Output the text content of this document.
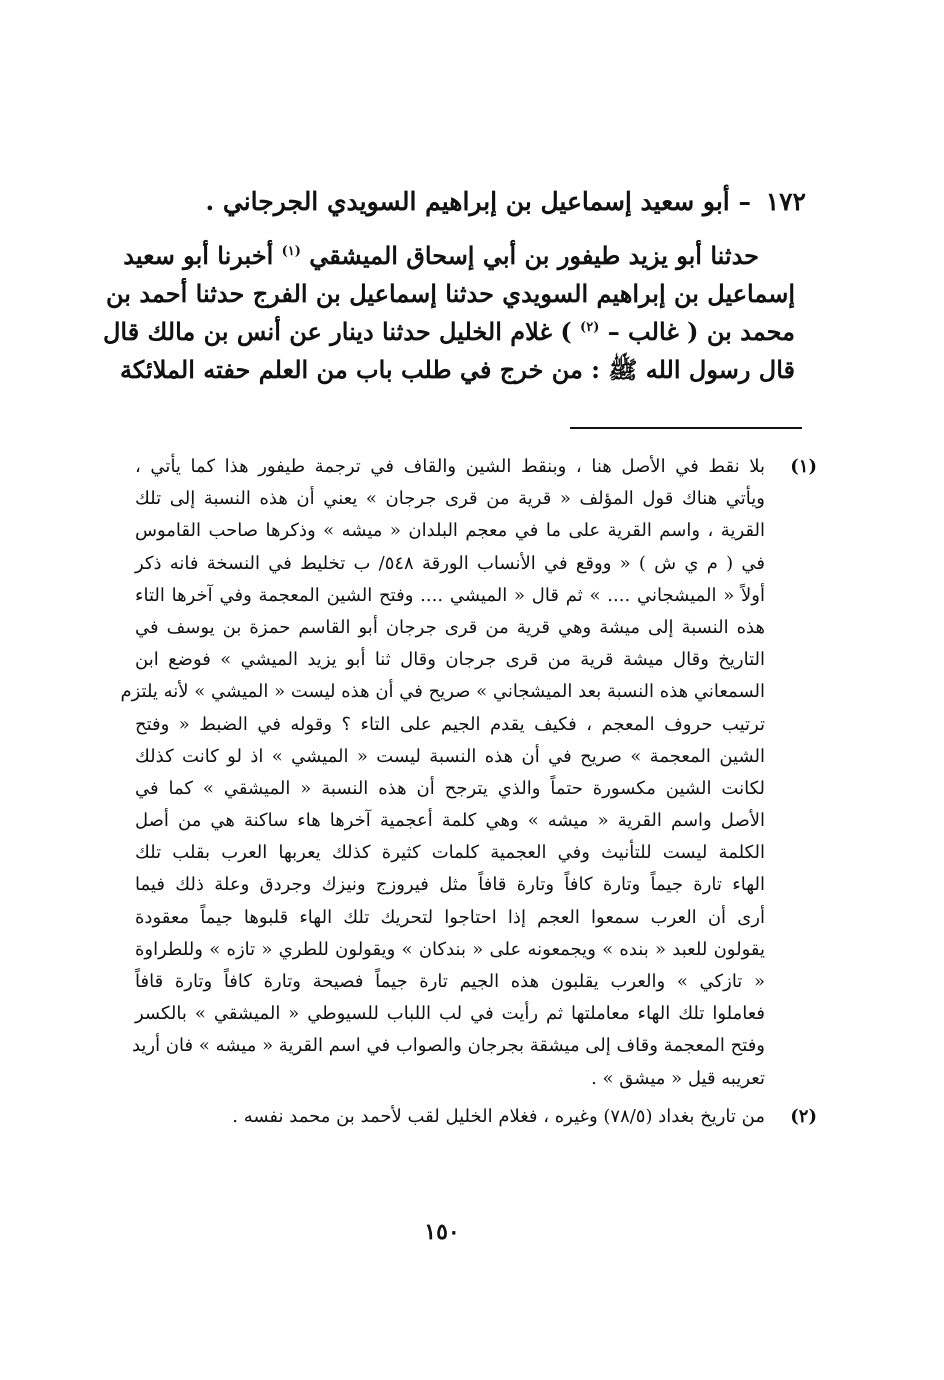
١٧٢ – أبو سعيد إسماعيل بن إبراهيم السويدي الجرجاني .
حدثنا أبو يزيد طيفور بن أبي إسحاق الميشقي $^{(١)}$ أخبرنا أبو سعيد
إسماعيل بن إبراهيم السويدي حدثنا إسماعيل بن الفرج حدثنا أحمد بن
محمد بن ( غالب – $^{(٢)}$ ) غلام الخليل حدثنا دينار عن أنس بن مالك قال
قال رسول الله ﷺ : من خرج في طلب باب من العلم حفته الملائكة
(١)
بلا نقط في الأصل هنا ، وبنقط الشين والقاف في ترجمة طيفور هذا كما يأتي ،
ويأتي هناك قول المؤلف « قرية من قرى جرجان » يعني أن هذه النسبة إلى تلك
القرية ، واسم القرية على ما في معجم البلدان « ميشه » وذكرها صاحب القاموس
في ( م ي ش ) « ووقع في الأنساب الورقة ٥٤٨/ ب تخليط في النسخة فانه ذكر
أولاً « الميشجاني .... » ثم قال « الميشي .... وفتح الشين المعجمة وفي آخرها التاء
هذه النسبة إلى ميشة وهي قرية من قرى جرجان أبو القاسم حمزة بن يوسف في
التاريخ وقال ميشة قرية من قرى جرجان وقال ثنا أبو يزيد الميشي » فوضع ابن
السمعاني هذه النسبة بعد الميشجاني » صريح في أن هذه ليست « الميشي » لأنه يلتزم
ترتيب حروف المعجم ، فكيف يقدم الجيم على التاء ؟ وقوله في الضبط « وفتح
الشين المعجمة » صريح في أن هذه النسبة ليست « الميشي » اذ لو كانت كذلك
لكانت الشين مكسورة حتماً والذي يترجح أن هذه النسبة « الميشقي » كما في
الأصل واسم القرية « ميشه » وهي كلمة أعجمية آخرها هاء ساكنة هي من أصل
الكلمة ليست للتأنيث وفي العجمية كلمات كثيرة كذلك يعربها العرب بقلب تلك
الهاء تارة جيماً وتارة كافاً وتارة قافاً مثل فيروزج ونيزك وجردق وعلة ذلك فيما
أرى أن العرب سمعوا العجم إذا احتاجوا لتحريك تلك الهاء قلبوها جيماً معقودة
يقولون للعبد « بنده » ويجمعونه على « بندكان » ويقولون للطري « تازه » وللطراوة
« تازكي » والعرب يقلبون هذه الجيم تارة جيماً فصيحة وتارة كافاً وتارة قافاً
فعاملوا تلك الهاء معاملتها ثم رأيت في لب اللباب للسيوطي « الميشقي » بالكسر
وفتح المعجمة وقاف إلى ميشقة بجرجان والصواب في اسم القرية « ميشه » فان أريد
تعريبه قيل « ميشق » .
(٢)
من تاريخ بغداد (٧٨/٥) وغيره ، فغلام الخليل لقب لأحمد بن محمد نفسه .
١٥٠
